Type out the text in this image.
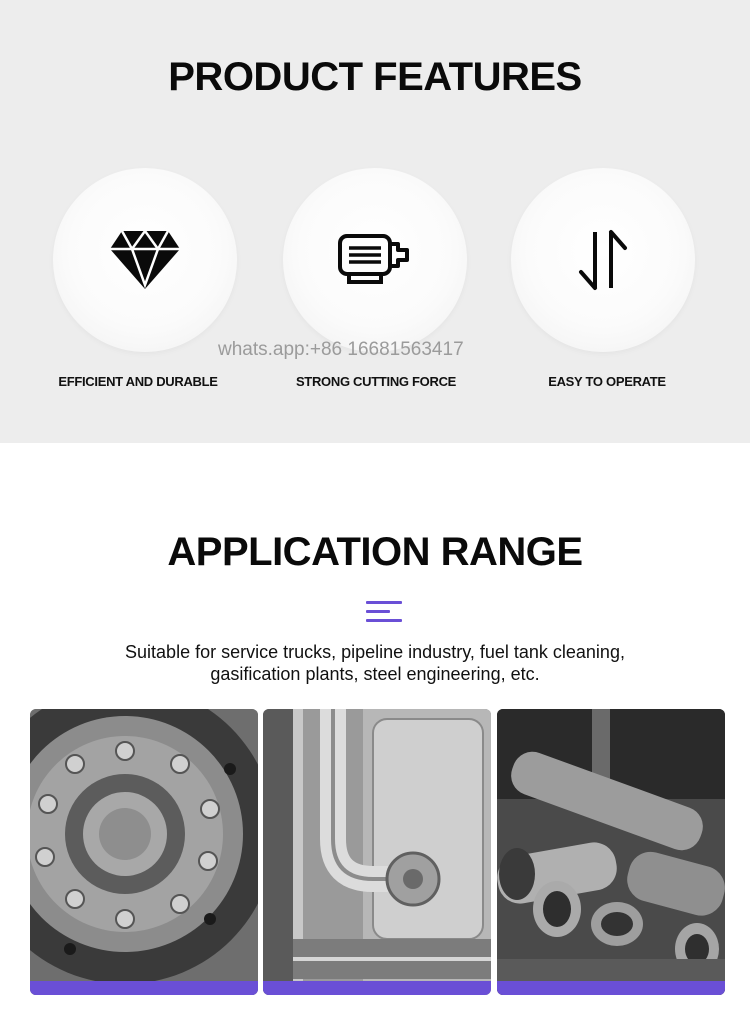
PRODUCT FEATURES
whats.app:+86 16681563417
EFFICIENT AND DURABLE	STRONG CUTTING FORCE	EASY TO OPERATE
APPLICATION RANGE
Suitable for service trucks, pipeline industry, fuel tank cleaning,
gasification plants, steel engineering, etc.
